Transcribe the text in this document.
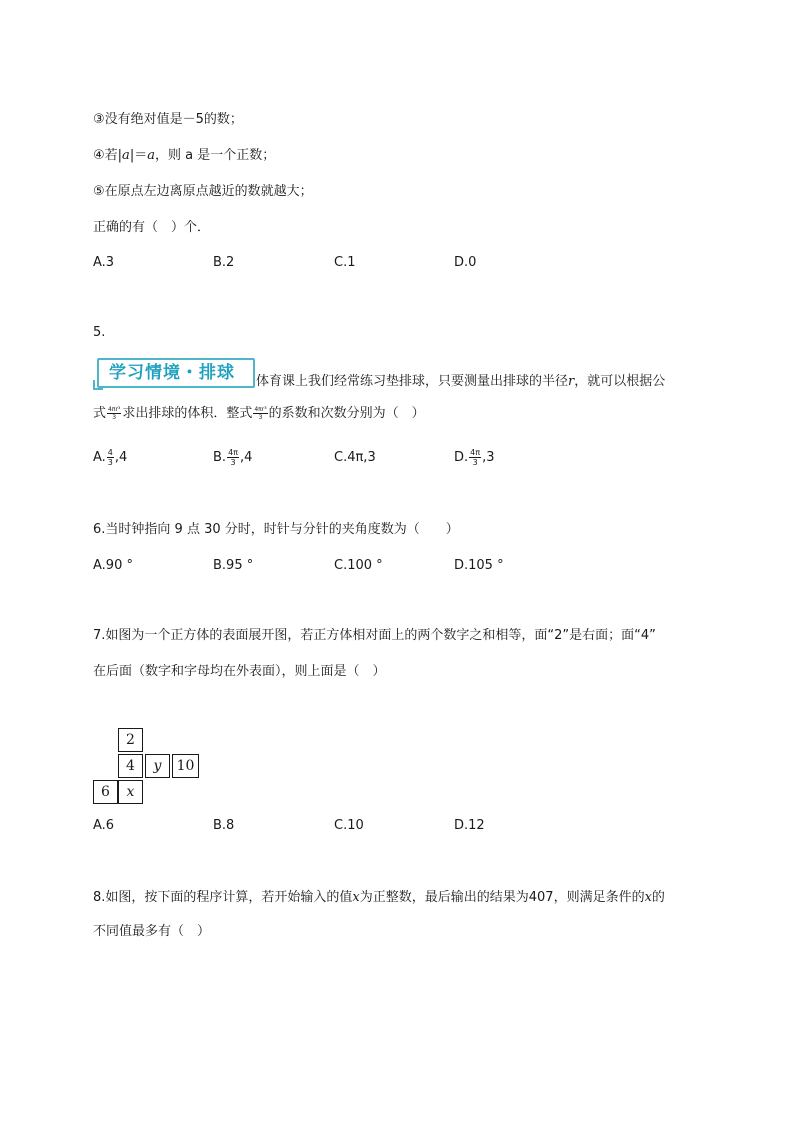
③没有绝对值是－5的数；
④若|a|＝a，则 a 是一个正数；
⑤在原点左边离原点越近的数就越大；
正确的有（　）个．
A.3	B.2	C.1	D.0
5.
学习情境・排球 体育课上我们经常练习垫排球，只要测量出排球的半径r，就可以根据公
式 $\frac{\text{4πr³}}{3}$ 求出排球的体积．整式 $\frac{\text{4πr³}}{3}$ 的系数和次数分别为（　）
A. $\frac{4}{3} ,4$	B. $\frac{4\pi}{3} ,4$	C.4π,3	D. $\frac{4\pi}{3} ,3$
6.当时钟指向 9 点 30 分时，时针与分针的夹角度数为（　　）
A.90 °	B.95 °	C.100 °	D.105 °
7.如图为一个正方体的表面展开图，若正方体相对面上的两个数字之和相等，面“2”是右面；面“4”
在后面（数字和字母均在外表面），则上面是（　）
2
4	y	10
6	x
A.6	B.8	C.10	D.12
8.如图，按下面的程序计算，若开始输入的值x为正整数，最后输出的结果为407，则满足条件的x的
不同值最多有（　）
